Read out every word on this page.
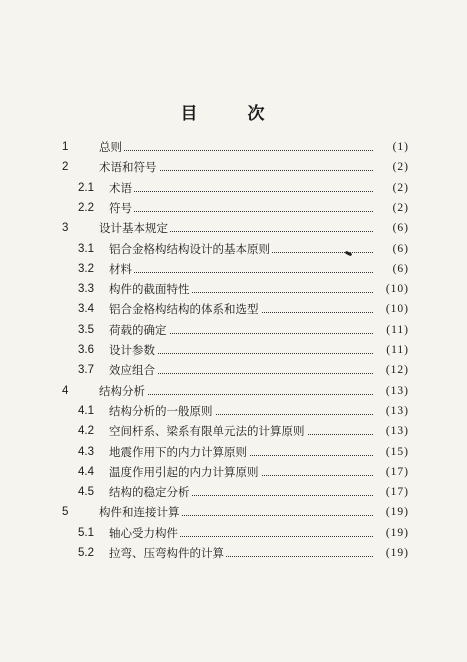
目 次
1	总则	(1)
2	术语和符号	(2)
2.1 术语	(2)
2.2 符号	(2)
3	设计基本规定	(6)
3.1 铝合金格构结构设计的基本原则	(6)
3.2 材料	(6)
3.3 构件的截面特性	(10)
3.4 铝合金格构结构的体系和选型	(10)
3.5 荷载的确定	(11)
3.6 设计参数	(11)
3.7 效应组合	(12)
4	结构分析	(13)
4.1 结构分析的一般原则	(13)
4.2 空间杆系、梁系有限单元法的计算原则	(13)
4.3 地震作用下的内力计算原则	(15)
4.4 温度作用引起的内力计算原则	(17)
4.5 结构的稳定分析	(17)
5	构件和连接计算	(19)
5.1 轴心受力构件	(19)
5.2 拉弯、压弯构件的计算	(19)
